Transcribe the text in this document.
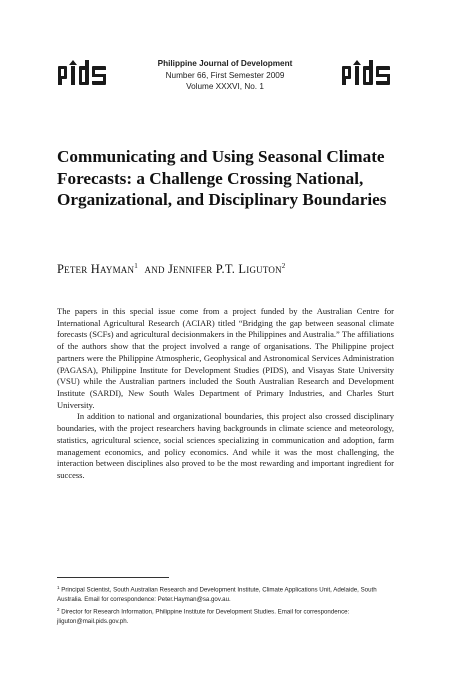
pids
Philippine Journal of Development
Number 66, First Semester 2009
Volume XXXVI, No. 1
Communicating and Using Seasonal Climate Forecasts: a Challenge Crossing National, Organizational, and Disciplinary Boundaries
Peter Hayman$^1$ and Jennifer P.T. Liguton$^2$

The papers in this special issue come from a project funded by the Australian Centre for International Agricultural Research (ACIAR) titled “Bridging the gap between seasonal climate forecasts (SCFs) and agricultural decisionmakers in the Philippines and Australia.” The affiliations of the authors show that the project involved a range of organisations. The Philippine project partners were the Philippine Atmospheric, Geophysical and Astronomical Services Administration (PAGASA), Philippine Institute for Development Studies (PIDS), and Visayas State University (VSU) while the Australian partners included the South Australian Research and Development Institute (SARDI), New South Wales Department of Primary Industries, and Charles Sturt University.

In addition to national and organizational boundaries, this project also crossed disciplinary boundaries, with the project researchers having backgrounds in climate science and meteorology, statistics, agricultural science, social sciences specializing in communication and adoption, farm management economics, and policy economics. And while it was the most challenging, the interaction between disciplines also proved to be the most rewarding and important ingredient for success.

$^1$ Principal Scientist, South Australian Research and Development Institute, Climate Applications Unit, Adelaide, South Australia. Email for correspondence: Peter.Hayman@sa.gov.au.

$^2$ Director for Research Information, Philippine Institute for Development Studies. Email for correspondence: jliguton@mail.pids.gov.ph.
